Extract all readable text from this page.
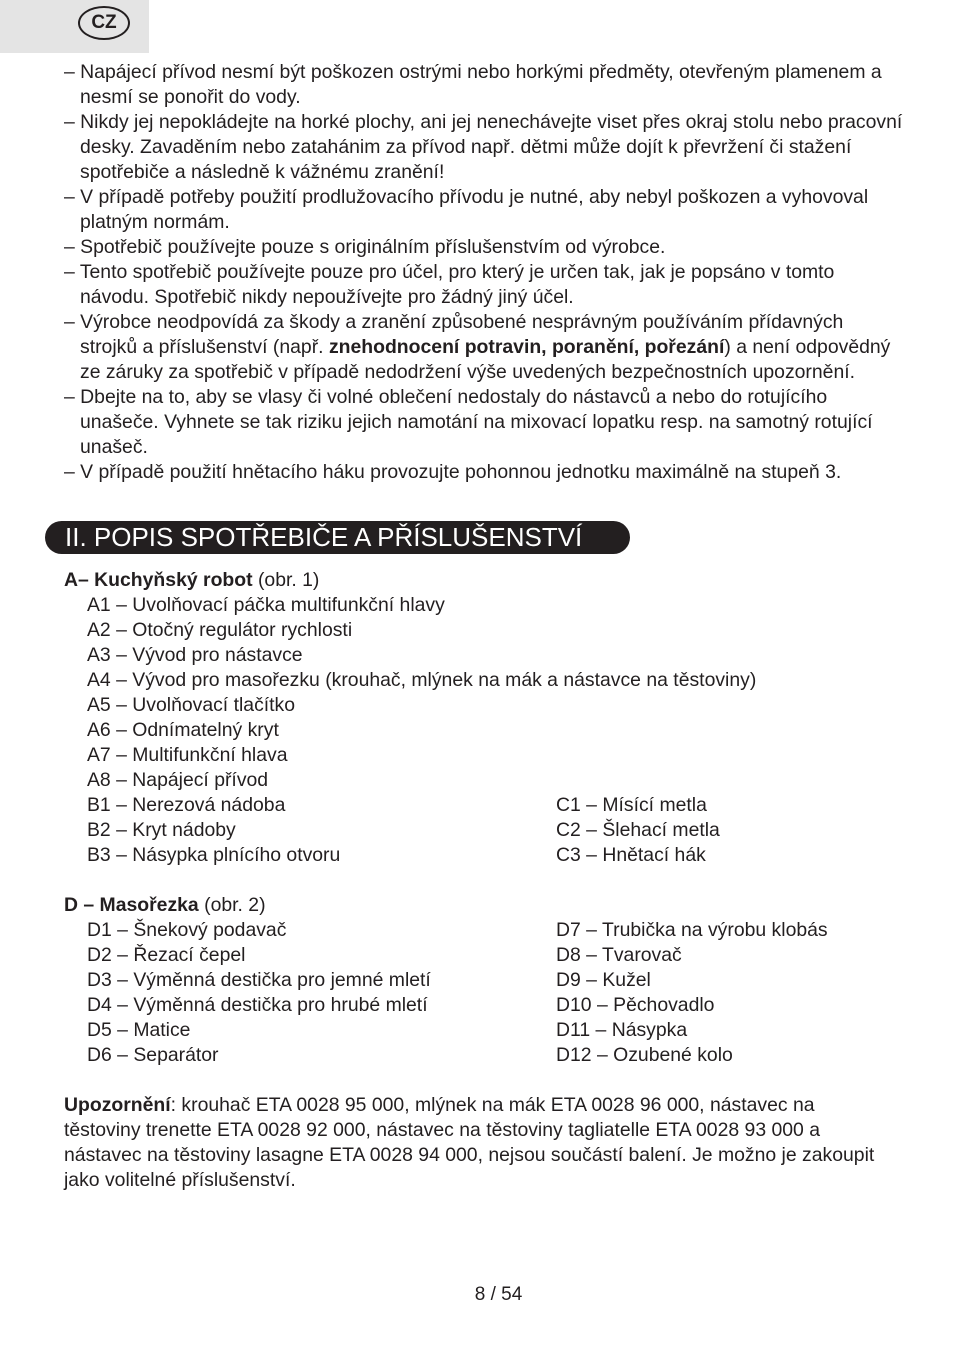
CZ
– Napájecí přívod nesmí být poškozen ostrými nebo horkými předměty, otevřeným plamenem a nesmí se ponořit do vody.
– Nikdy jej nepokládejte na horké plochy, ani jej nenechávejte viset přes okraj stolu nebo pracovní desky. Zavaděním nebo zatahánim za přívod např. dětmi může dojít k převržení či stažení spotřebiče a následně k vážnému zranění!
– V případě potřeby použití prodlužovacího přívodu je nutné, aby nebyl poškozen a vyhovoval platným normám.
– Spotřebič používejte pouze s originálním příslušenstvím od výrobce.
– Tento spotřebič používejte pouze pro účel, pro který je určen tak, jak je popsáno v tomto návodu. Spotřebič nikdy nepoužívejte pro žádný jiný účel.
– Výrobce neodpovídá za škody a zranění způsobené nesprávným používáním přídavných strojků a příslušenství (např. znehodnocení potravin, poranění, pořezání) a není odpovědný ze záruky za spotřebič v případě nedodržení výše uvedených bezpečnostních upozornění.
– Dbejte na to, aby se vlasy či volné oblečení nedostaly do nástavců a nebo do rotujícího unašeče. Vyhnete se tak riziku jejich namotání na mixovací lopatku resp. na samotný rotující unašeč.
– V případě použití hnětacího háku provozujte pohonnou jednotku maximálně na stupeň 3.
II. POPIS SPOTŘEBIČE A PŘÍSLUŠENSTVÍ
A– Kuchyňský robot (obr. 1)
A1 – Uvolňovací páčka multifunkční hlavy
A2 – Otočný regulátor rychlosti
A3 – Vývod pro nástavce
A4 – Vývod pro masořezku (krouhač, mlýnek na mák a nástavce na těstoviny)
A5 – Uvolňovací tlačítko
A6 – Odnímatelný kryt
A7 – Multifunkční hlava
A8 – Napájecí přívod
B1 – Nerezová nádoba
B2 – Kryt nádoby
B3 – Násypka plnícího otvoru
C1 – Mísící metla
C2 – Šlehací metla
C3 – Hnětací hák
D – Masořezka (obr. 2)
D1 – Šnekový podavač
D2 – Řezací čepel
D3 – Výměnná destička pro jemné mletí
D4 – Výměnná destička pro hrubé mletí
D5 – Matice
D6 – Separátor
D7 – Trubička na výrobu klobás
D8 – Tvarovač
D9 – Kužel
D10 – Pěchovadlo
D11 – Násypka
D12 – Ozubené kolo
Upozornění: krouhač ETA 0028 95 000, mlýnek na mák ETA 0028 96 000, nástavec na těstoviny trenette ETA 0028 92 000, nástavec na těstoviny tagliatelle ETA 0028 93 000 a nástavec na těstoviny lasagne ETA 0028 94 000, nejsou součástí balení. Je možno je zakoupit jako volitelné příslušenství.
8 / 54
